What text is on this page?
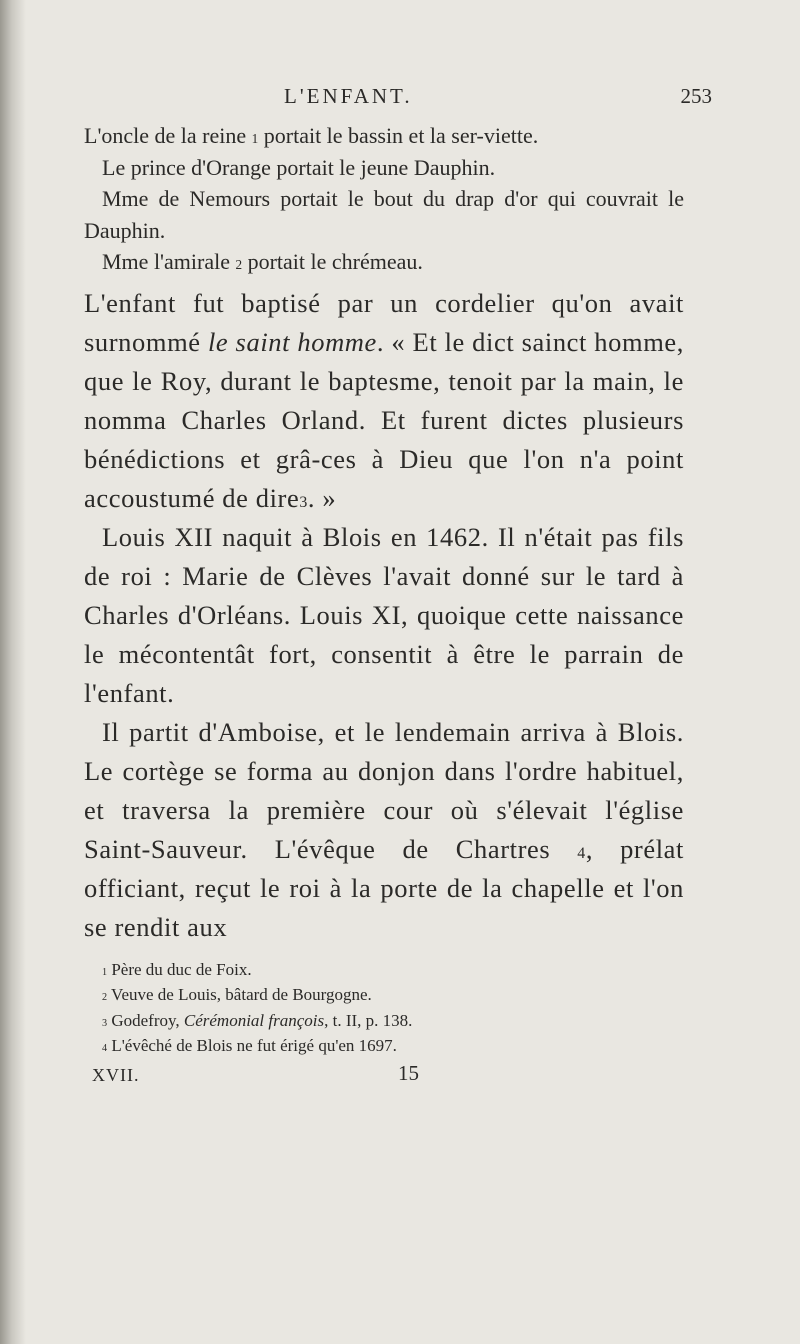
L'ENFANT.	253

L'oncle de la reine $^1$ portait le bassin et la ser-viette.

Le prince d'Orange portait le jeune Dauphin.

Mme de Nemours portait le bout du drap d'or qui couvrait le Dauphin.

Mme l'amirale $^2$ portait le chrémeau.

L'enfant fut baptisé par un cordelier qu'on avait surnommé le saint homme. « Et le dict sainct homme, que le Roy, durant le baptesme, tenoit par la main, le nomma Charles Orland. Et furent dictes plusieurs bénédictions et grâ-ces à Dieu que l'on n'a point accoustumé de dire$^3$. »

Louis XII naquit à Blois en 1462. Il n'était pas fils de roi : Marie de Clèves l'avait donné sur le tard à Charles d'Orléans. Louis XI, quoique cette naissance le mécontentât fort, consentit à être le parrain de l'enfant.

Il partit d'Amboise, et le lendemain arriva à Blois. Le cortège se forma au donjon dans l'ordre habituel, et traversa la première cour où s'élevait l'église Saint-Sauveur. L'évêque de Chartres $^4$, prélat officiant, reçut le roi à la porte de la chapelle et l'on se rendit aux

$^1$ Père du duc de Foix.

$^2$ Veuve de Louis, bâtard de Bourgogne.

$^3$ Godefroy, Cérémonial françois, t. II, p. 138.

$^4$ L'évêché de Blois ne fut érigé qu'en 1697.

XVII.	15
